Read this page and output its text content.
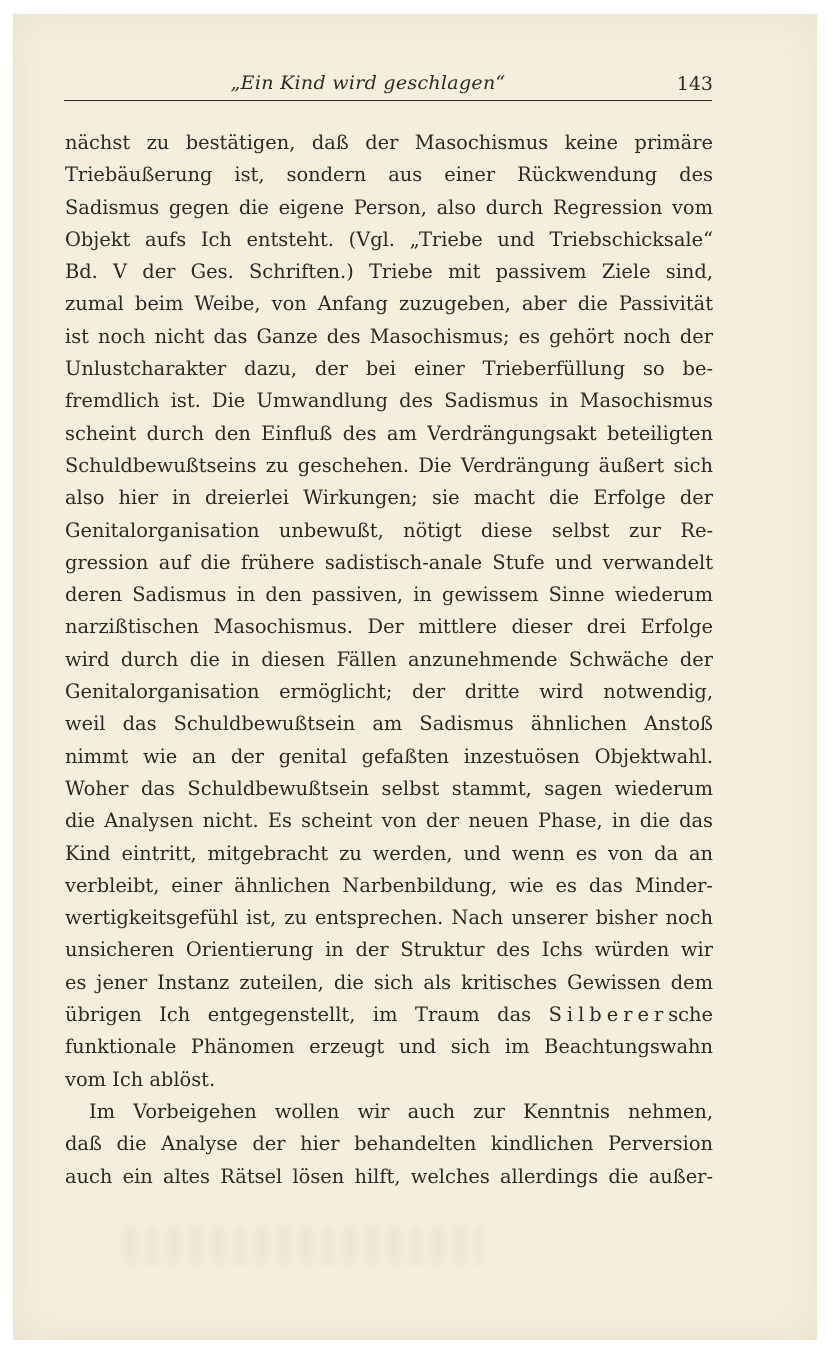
„Ein Kind wird geschlagen“	143
nächst zu bestätigen, daß der Masochismus keine primäre
Triebäußerung ist, sondern aus einer Rückwendung des
Sadismus gegen die eigene Person, also durch Regression vom
Objekt aufs Ich entsteht. (Vgl. „Triebe und Triebschicksale“
Bd. V der Ges. Schriften.) Triebe mit passivem Ziele sind,
zumal beim Weibe, von Anfang zuzugeben, aber die Passivität
ist noch nicht das Ganze des Masochismus; es gehört noch der
Unlustcharakter dazu, der bei einer Trieberfüllung so be-
fremdlich ist. Die Umwandlung des Sadismus in Masochismus
scheint durch den Einfluß des am Verdrängungsakt beteiligten
Schuldbewußtseins zu geschehen. Die Verdrängung äußert sich
also hier in dreierlei Wirkungen; sie macht die Erfolge der
Genitalorganisation unbewußt, nötigt diese selbst zur Re-
gression auf die frühere sadistisch-anale Stufe und verwandelt
deren Sadismus in den passiven, in gewissem Sinne wiederum
narzißtischen Masochismus. Der mittlere dieser drei Erfolge
wird durch die in diesen Fällen anzunehmende Schwäche der
Genitalorganisation ermöglicht; der dritte wird notwendig,
weil das Schuldbewußtsein am Sadismus ähnlichen Anstoß
nimmt wie an der genital gefaßten inzestuösen Objektwahl.
Woher das Schuldbewußtsein selbst stammt, sagen wiederum
die Analysen nicht. Es scheint von der neuen Phase, in die das
Kind eintritt, mitgebracht zu werden, und wenn es von da an
verbleibt, einer ähnlichen Narbenbildung, wie es das Minder-
wertigkeitsgefühl ist, zu entsprechen. Nach unserer bisher noch
unsicheren Orientierung in der Struktur des Ichs würden wir
es jener Instanz zuteilen, die sich als kritisches Gewissen dem
übrigen Ich entgegenstellt, im Traum das Silberersche
funktionale Phänomen erzeugt und sich im Beachtungswahn
vom Ich ablöst.
Im Vorbeigehen wollen wir auch zur Kenntnis nehmen,
daß die Analyse der hier behandelten kindlichen Perversion
auch ein altes Rätsel lösen hilft, welches allerdings die außer-
